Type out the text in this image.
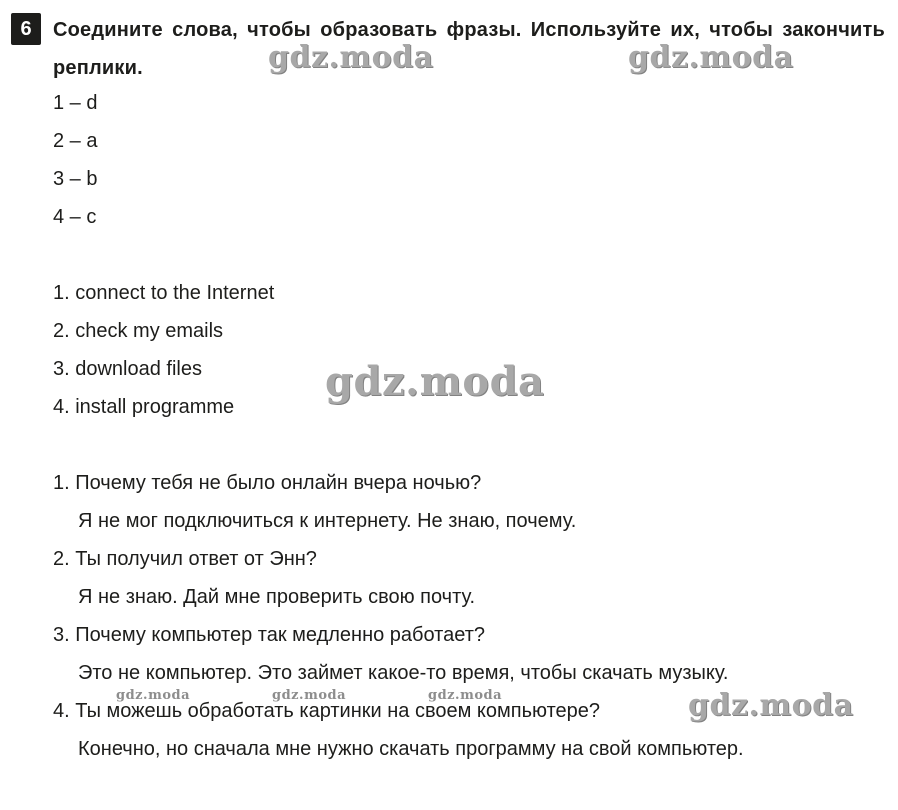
6	Соедините слова, чтобы образовать фразы. Используйте их, чтобы закончить реплики.
1 – d
2 – a
3 – b
4 – c
1. connect to the Internet
2. check my emails
3. download files
4. install programme
1. Почему тебя не было онлайн вчера ночью?
Я не мог подключиться к интернету. Не знаю, почему.
2. Ты получил ответ от Энн?
Я не знаю. Дай мне проверить свою почту.
3. Почему компьютер так медленно работает?
Это не компьютер. Это займет какое-то время, чтобы скачать музыку.
4. Ты можешь обработать картинки на своем компьютере?
Конечно, но сначала мне нужно скачать программу на свой компьютер.
gdz.moda	gdz.moda
gdz.moda
gdz.moda	gdz.moda	gdz.moda	gdz.moda
